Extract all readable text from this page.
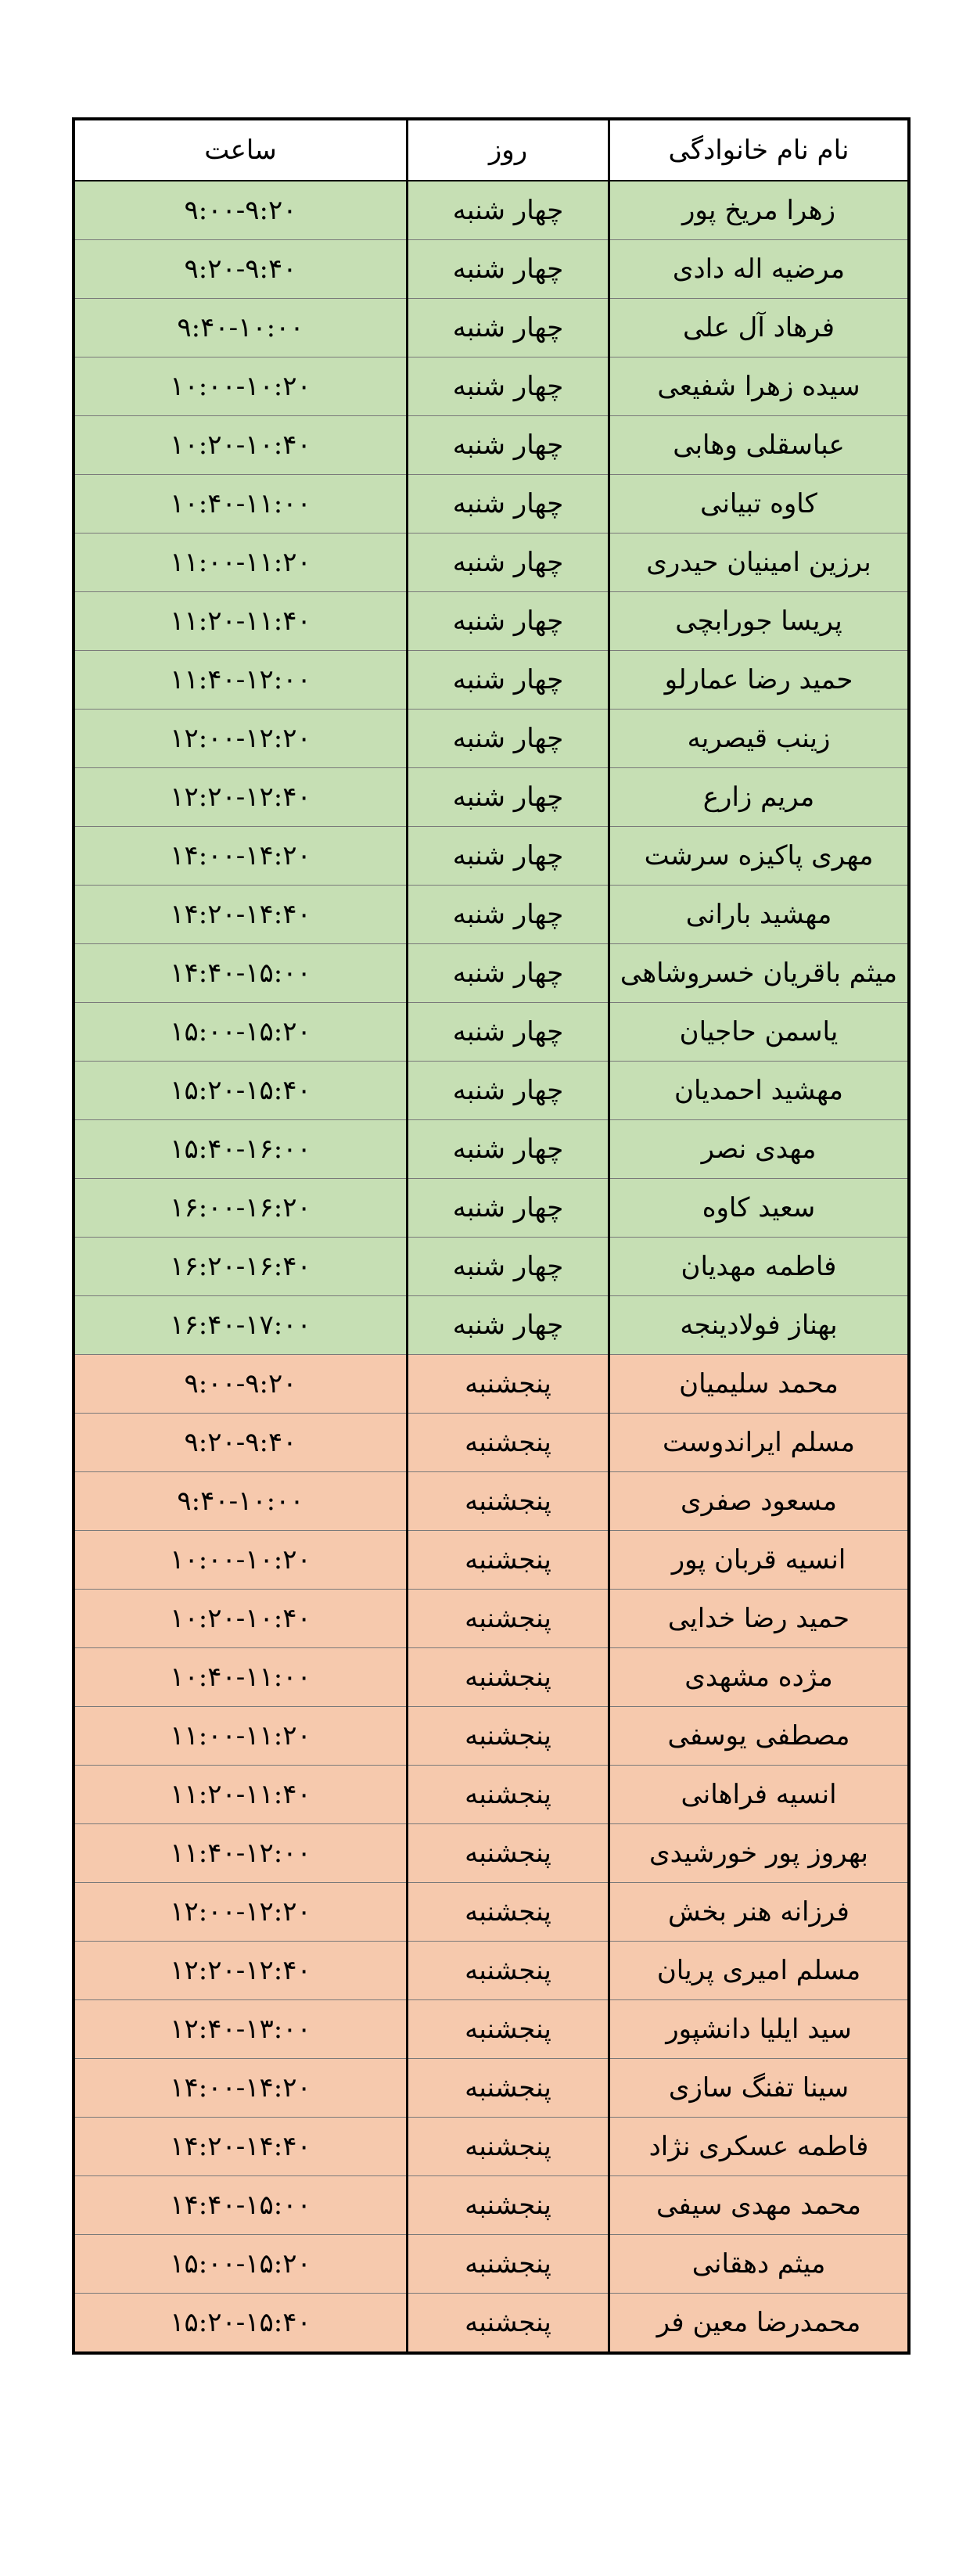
نام نام خانوادگی	روز	ساعت
زهرا مریخ پور	چهار شنبه	۹:۰۰-۹:۲۰
مرضیه اله دادی	چهار شنبه	۹:۲۰-۹:۴۰
فرهاد آل علی	چهار شنبه	۹:۴۰-۱۰:۰۰
سیده زهرا شفیعی	چهار شنبه	۱۰:۰۰-۱۰:۲۰
عباسقلی وهابی	چهار شنبه	۱۰:۲۰-۱۰:۴۰
کاوه تبیانی	چهار شنبه	۱۰:۴۰-۱۱:۰۰
برزین امینیان حیدری	چهار شنبه	۱۱:۰۰-۱۱:۲۰
پریسا جورابچی	چهار شنبه	۱۱:۲۰-۱۱:۴۰
حمید رضا عمارلو	چهار شنبه	۱۱:۴۰-۱۲:۰۰
زینب قیصریه	چهار شنبه	۱۲:۰۰-۱۲:۲۰
مریم زارع	چهار شنبه	۱۲:۲۰-۱۲:۴۰
مهری پاکیزه سرشت	چهار شنبه	۱۴:۰۰-۱۴:۲۰
مهشید بارانی	چهار شنبه	۱۴:۲۰-۱۴:۴۰
میثم باقریان خسروشاهی	چهار شنبه	۱۴:۴۰-۱۵:۰۰
یاسمن حاجیان	چهار شنبه	۱۵:۰۰-۱۵:۲۰
مهشید احمدیان	چهار شنبه	۱۵:۲۰-۱۵:۴۰
مهدی نصر	چهار شنبه	۱۵:۴۰-۱۶:۰۰
سعید کاوه	چهار شنبه	۱۶:۰۰-۱۶:۲۰
فاطمه مهدیان	چهار شنبه	۱۶:۲۰-۱۶:۴۰
بهناز فولادینجه	چهار شنبه	۱۶:۴۰-۱۷:۰۰
محمد سلیمیان	پنجشنبه	۹:۰۰-۹:۲۰
مسلم ایراندوست	پنجشنبه	۹:۲۰-۹:۴۰
مسعود صفری	پنجشنبه	۹:۴۰-۱۰:۰۰
انسیه قربان پور	پنجشنبه	۱۰:۰۰-۱۰:۲۰
حمید رضا خدایی	پنجشنبه	۱۰:۲۰-۱۰:۴۰
مژده مشهدی	پنجشنبه	۱۰:۴۰-۱۱:۰۰
مصطفی یوسفی	پنجشنبه	۱۱:۰۰-۱۱:۲۰
انسیه فراهانی	پنجشنبه	۱۱:۲۰-۱۱:۴۰
بهروز پور خورشیدی	پنجشنبه	۱۱:۴۰-۱۲:۰۰
فرزانه هنر بخش	پنجشنبه	۱۲:۰۰-۱۲:۲۰
مسلم امیری پریان	پنجشنبه	۱۲:۲۰-۱۲:۴۰
سید ایلیا دانشپور	پنجشنبه	۱۲:۴۰-۱۳:۰۰
سینا تفنگ سازی	پنجشنبه	۱۴:۰۰-۱۴:۲۰
فاطمه عسکری نژاد	پنجشنبه	۱۴:۲۰-۱۴:۴۰
محمد مهدی سیفی	پنجشنبه	۱۴:۴۰-۱۵:۰۰
میثم دهقانی	پنجشنبه	۱۵:۰۰-۱۵:۲۰
محمدرضا معین فر	پنجشنبه	۱۵:۲۰-۱۵:۴۰
